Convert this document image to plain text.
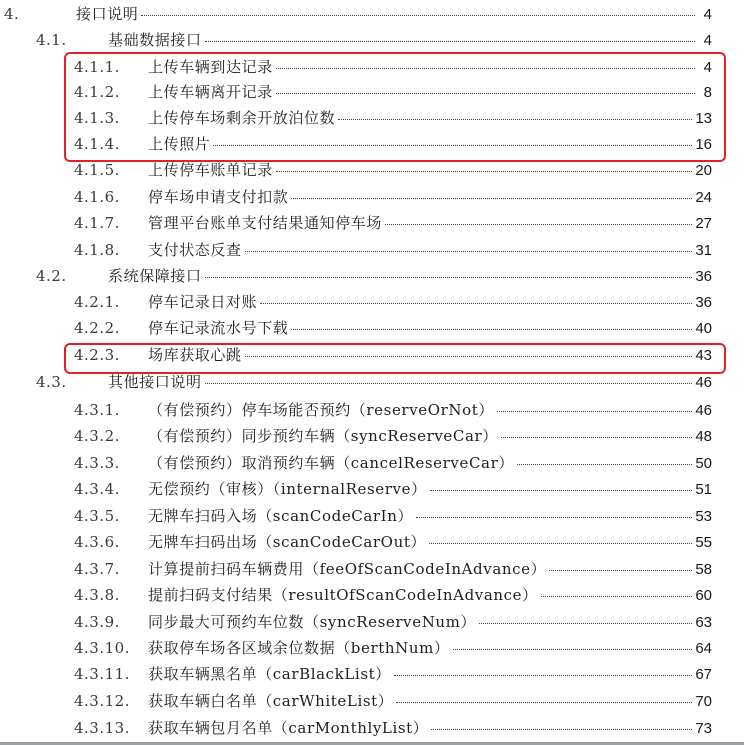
4.	接口说明	4
4.1.	基础数据接口	4
4.1.1.	上传车辆到达记录	4
4.1.2.	上传车辆离开记录	8
4.1.3.	上传停车场剩余开放泊位数	13
4.1.4.	上传照片	16
4.1.5.	上传停车账单记录	20
4.1.6.	停车场申请支付扣款	24
4.1.7.	管理平台账单支付结果通知停车场	27
4.1.8.	支付状态反查	31
4.2.	系统保障接口	36
4.2.1.	停车记录日对账	36
4.2.2.	停车记录流水号下载	40
4.2.3.	场库获取心跳	43
4.3.	其他接口说明	46
4.3.1.	（有偿预约）停车场能否预约（reserveOrNot）	46
4.3.2.	（有偿预约）同步预约车辆（syncReserveCar）	48
4.3.3.	（有偿预约）取消预约车辆（cancelReserveCar）	50
4.3.4.	无偿预约（审核）（internalReserve）	51
4.3.5.	无牌车扫码入场（scanCodeCarIn）	53
4.3.6.	无牌车扫码出场（scanCodeCarOut）	55
4.3.7.	计算提前扫码车辆费用（feeOfScanCodeInAdvance）	58
4.3.8.	提前扫码支付结果（resultOfScanCodeInAdvance）	60
4.3.9.	同步最大可预约车位数（syncReserveNum）	63
4.3.10.	获取停车场各区域余位数据（berthNum）	64
4.3.11.	获取车辆黑名单（carBlackList）	67
4.3.12.	获取车辆白名单（carWhiteList）	70
4.3.13.	获取车辆包月名单（carMonthlyList）	73
